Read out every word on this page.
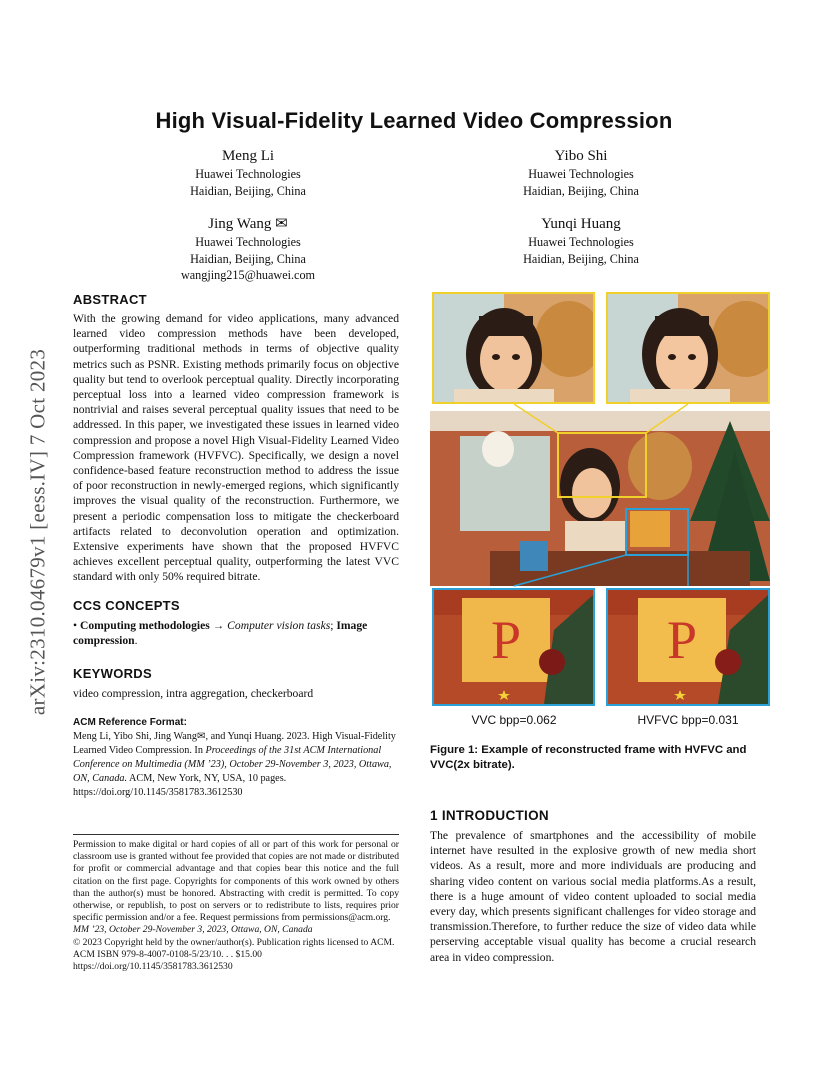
High Visual-Fidelity Learned Video Compression
Meng Li
Huawei Technologies
Haidian, Beijing, China
Yibo Shi
Huawei Technologies
Haidian, Beijing, China
Jing Wang ✉
Huawei Technologies
Haidian, Beijing, China
wangjing215@huawei.com
Yunqi Huang
Huawei Technologies
Haidian, Beijing, China
arXiv:2310.04679v1 [eess.IV] 7 Oct 2023
ABSTRACT
With the growing demand for video applications, many advanced learned video compression methods have been developed, outperforming traditional methods in terms of objective quality metrics such as PSNR. Existing methods primarily focus on objective quality but tend to overlook perceptual quality. Directly incorporating perceptual loss into a learned video compression framework is nontrivial and raises several perceptual quality issues that need to be addressed. In this paper, we investigated these issues in learned video compression and propose a novel High Visual-Fidelity Learned Video Compression framework (HVFVC). Specifically, we design a novel confidence-based feature reconstruction method to address the issue of poor reconstruction in newly-emerged regions, which significantly improves the visual quality of the reconstruction. Furthermore, we present a periodic compensation loss to mitigate the checkerboard artifacts related to deconvolution operation and optimization. Extensive experiments have shown that the proposed HVFVC achieves excellent perceptual quality, outperforming the latest VVC standard with only 50% required bitrate.
CCS CONCEPTS
• Computing methodologies → Computer vision tasks; Image compression.
KEYWORDS
video compression, intra aggregation, checkerboard
ACM Reference Format:
Meng Li, Yibo Shi, Jing Wang✉, and Yunqi Huang. 2023. High Visual-Fidelity Learned Video Compression. In Proceedings of the 31st ACM International Conference on Multimedia (MM ’23), October 29-November 3, 2023, Ottawa, ON, Canada. ACM, New York, NY, USA, 10 pages. https://doi.org/10.1145/3581783.3612530
Permission to make digital or hard copies of all or part of this work for personal or classroom use is granted without fee provided that copies are not made or distributed for profit or commercial advantage and that copies bear this notice and the full citation on the first page. Copyrights for components of this work owned by others than the author(s) must be honored. Abstracting with credit is permitted. To copy otherwise, or republish, to post on servers or to redistribute to lists, requires prior specific permission and/or a fee. Request permissions from permissions@acm.org.
MM ’23, October 29-November 3, 2023, Ottawa, ON, Canada
© 2023 Copyright held by the owner/author(s). Publication rights licensed to ACM.
ACM ISBN 979-8-4007-0108-5/23/10. . . $15.00
https://doi.org/10.1145/3581783.3612530
P	P
VVC bpp=0.062	HVFVC bpp=0.031
Figure 1: Example of reconstructed frame with HVFVC and VVC(2x bitrate).
1 INTRODUCTION
The prevalence of smartphones and the accessibility of mobile internet have resulted in the explosive growth of new media short videos. As a result, more and more individuals are producing and sharing video content on various social media platforms.As a result, there is a huge amount of video content uploaded to social media every day, which presents significant challenges for video storage and transmission.Therefore, to further reduce the size of video data while perserving acceptable visual quality has become a crucial research area in video compression.
